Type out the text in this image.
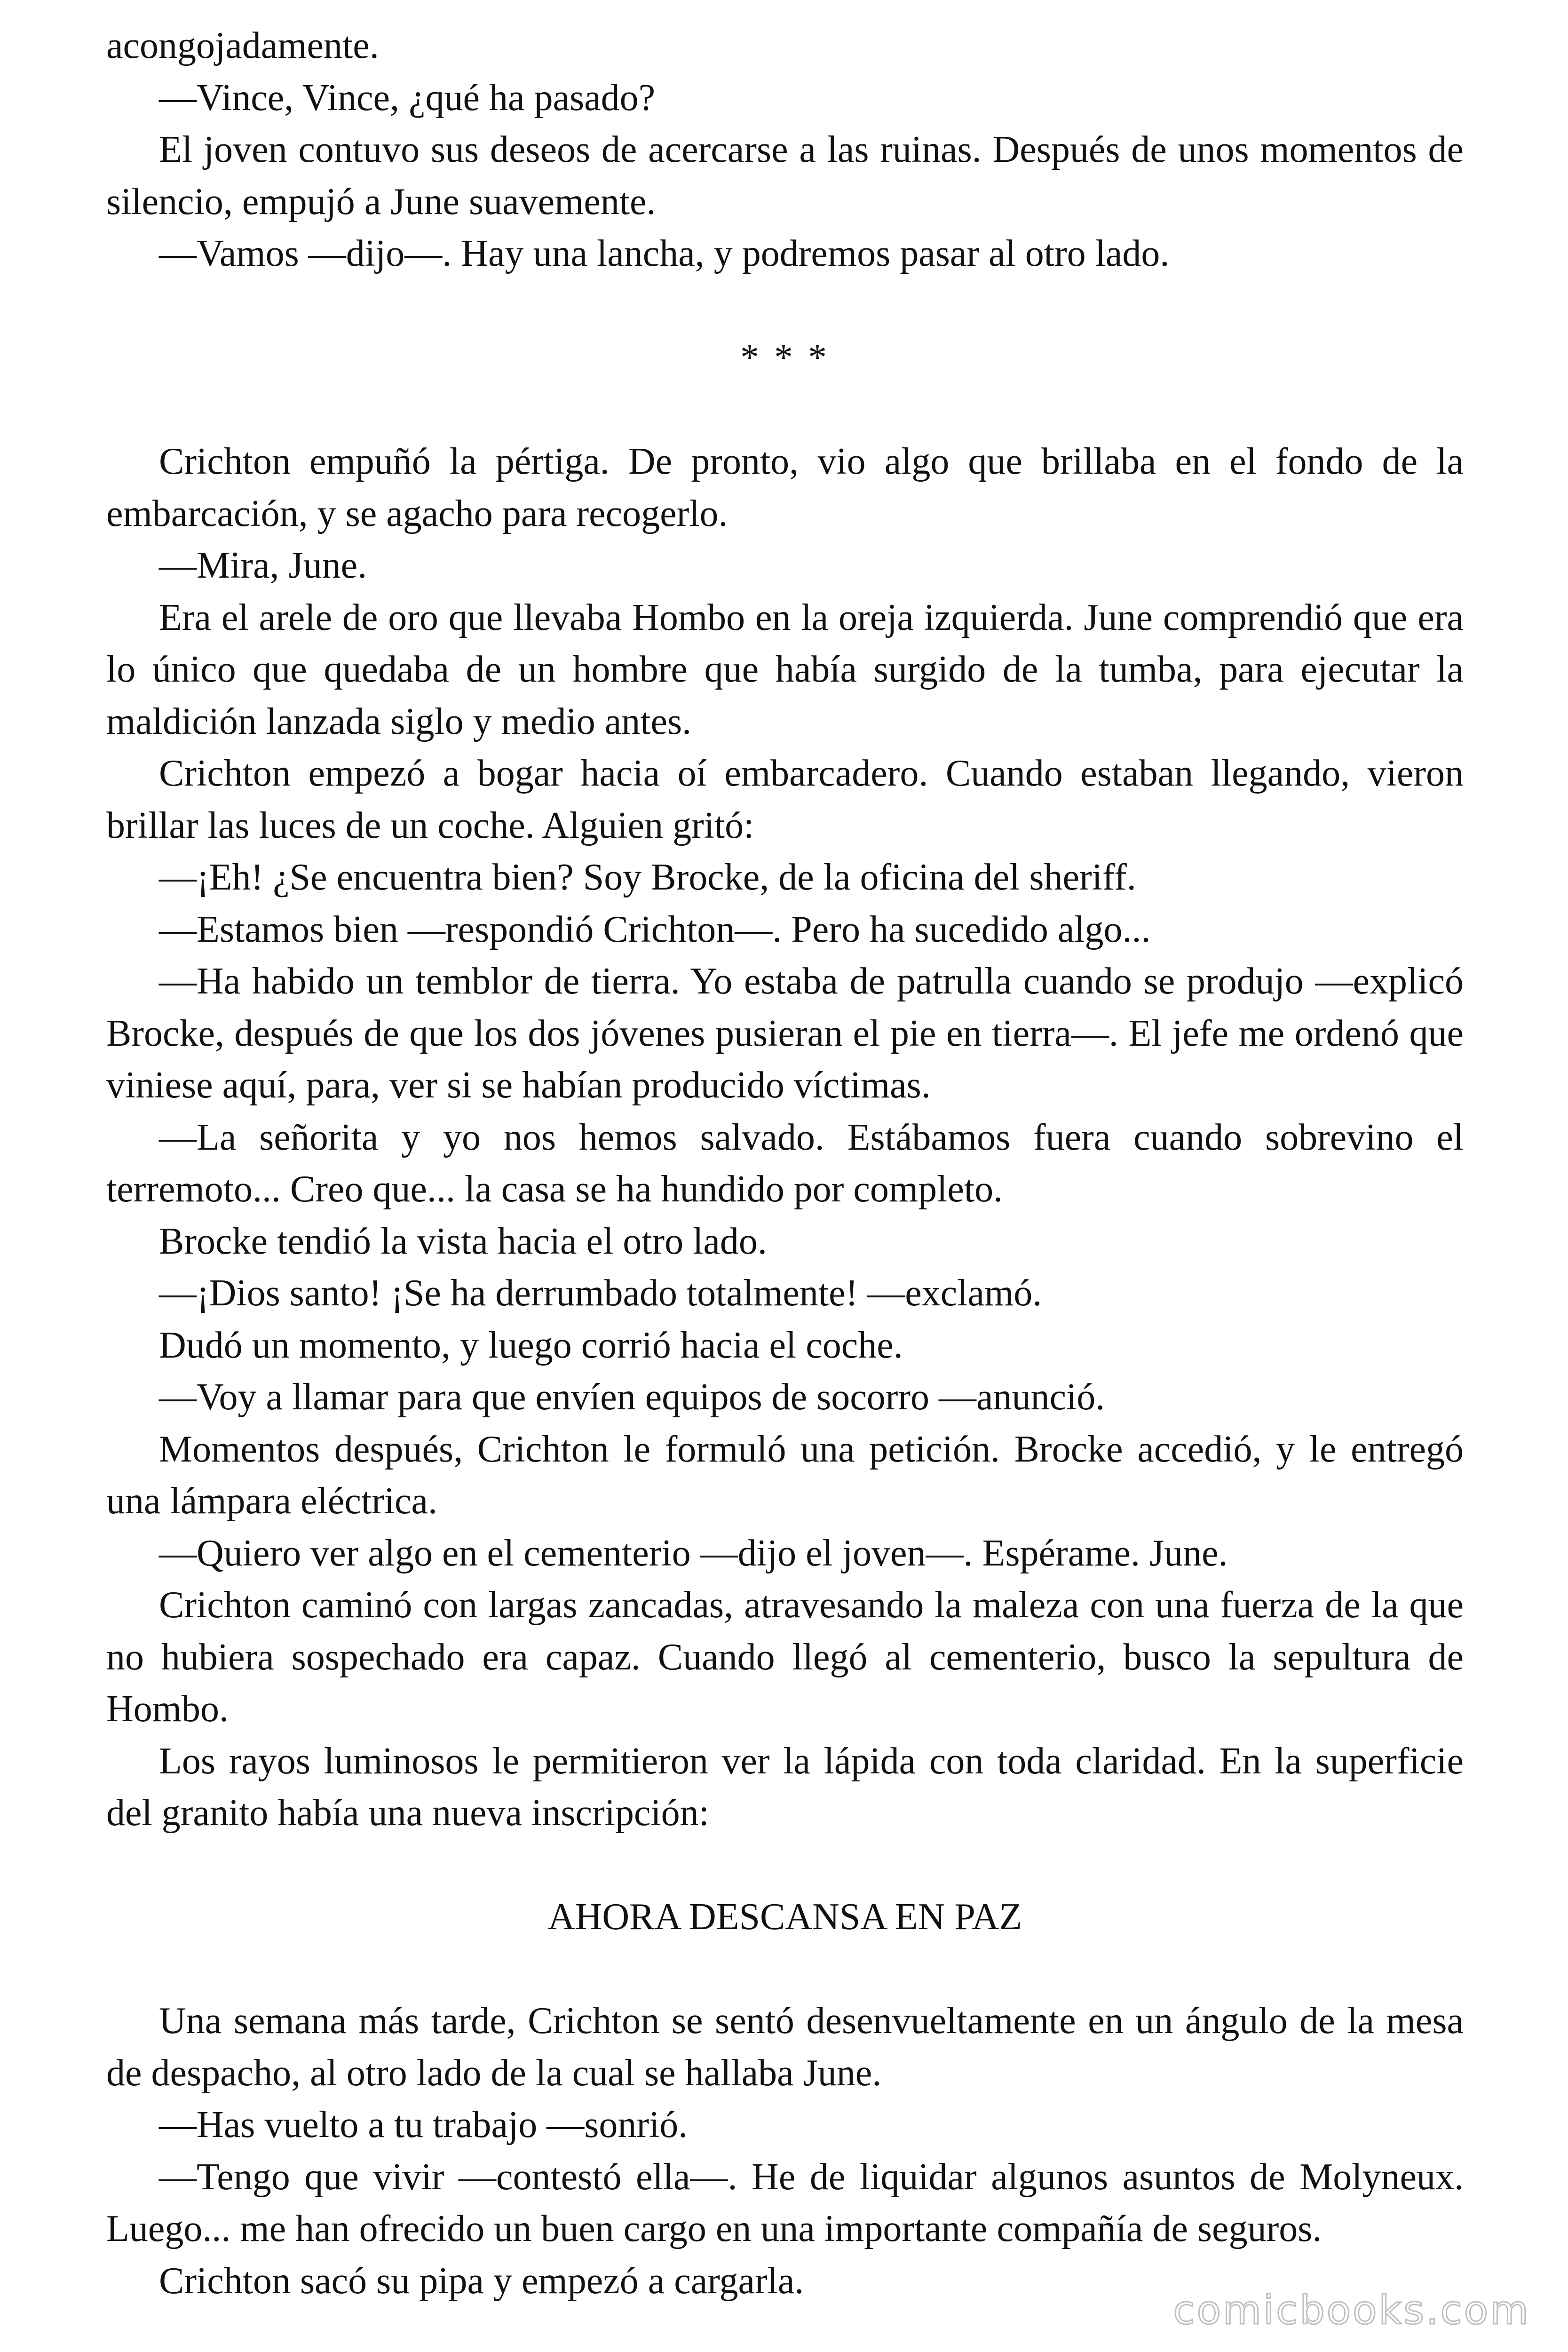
acongojadamente.

—Vince, Vince, ¿qué ha pasado?

El joven contuvo sus deseos de acercarse a las ruinas. Después de unos momentos de silencio, empujó a June suavemente.

—Vamos —dijo—. Hay una lancha, y podremos pasar al otro lado.

* * *

Crichton empuñó la pértiga. De pronto, vio algo que brillaba en el fondo de la embarcación, y se agacho para recogerlo.

—Mira, June.

Era el arele de oro que llevaba Hombo en la oreja izquierda. June comprendió que era lo único que quedaba de un hombre que había surgido de la tumba, para ejecutar la maldición lanzada siglo y medio antes.

Crichton empezó a bogar hacia oí embarcadero. Cuando estaban llegando, vieron brillar las luces de un coche. Alguien gritó:

—¡Eh! ¿Se encuentra bien? Soy Brocke, de la oficina del sheriff.

—Estamos bien —respondió Crichton—. Pero ha sucedido algo...

—Ha habido un temblor de tierra. Yo estaba de patrulla cuando se produjo —explicó Brocke, después de que los dos jóvenes pusieran el pie en tierra—. El jefe me ordenó que viniese aquí, para, ver si se habían producido víctimas.

—La señorita y yo nos hemos salvado. Estábamos fuera cuando sobrevino el terremoto... Creo que... la casa se ha hundido por completo.

Brocke tendió la vista hacia el otro lado.

—¡Dios santo! ¡Se ha derrumbado totalmente! —exclamó.

Dudó un momento, y luego corrió hacia el coche.

—Voy a llamar para que envíen equipos de socorro —anunció.

Momentos después, Crichton le formuló una petición. Brocke accedió, y le entregó una lámpara eléctrica.

—Quiero ver algo en el cementerio —dijo el joven—. Espérame. June.

Crichton caminó con largas zancadas, atravesando la maleza con una fuerza de la que no hubiera sospechado era capaz. Cuando llegó al cementerio, busco la sepultura de Hombo.

Los rayos luminosos le permitieron ver la lápida con toda claridad. En la superficie del granito había una nueva inscripción:

AHORA DESCANSA EN PAZ

Una semana más tarde, Crichton se sentó desenvueltamente en un ángulo de la mesa de despacho, al otro lado de la cual se hallaba June.

—Has vuelto a tu trabajo —sonrió.

—Tengo que vivir —contestó ella—. He de liquidar algunos asuntos de Molyneux. Luego... me han ofrecido un buen cargo en una importante compañía de seguros.

Crichton sacó su pipa y empezó a cargarla.

comicbooks.com
